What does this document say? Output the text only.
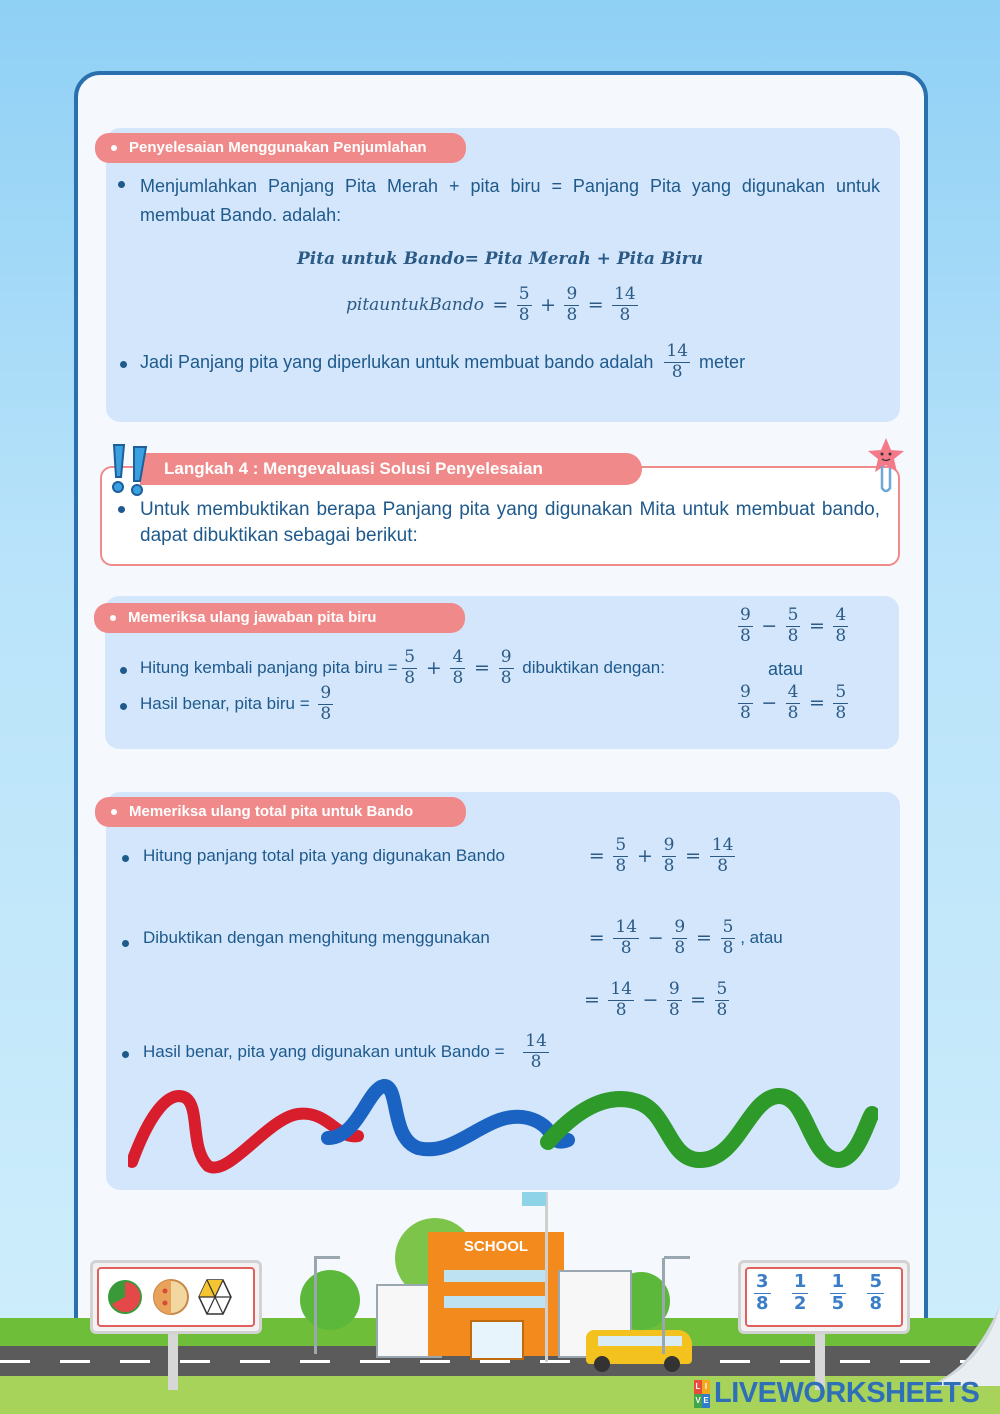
Penyelesaian Menggunakan Penjumlahan
Menjumlahkan Panjang Pita Merah + pita biru = Panjang Pita yang digunakan untuk membuat Bando. adalah:
Pita untuk Bando= Pita Merah + Pita Biru
pitauntukBando = $\frac{5}{8} + \frac{9}{8} = \frac{14}{8}$
Jadi Panjang pita yang diperlukan untuk membuat bando adalah $\frac{14}{8}$ meter
Langkah 4 : Mengevaluasi Solusi Penyelesaian
Untuk membuktikan berapa Panjang pita yang digunakan Mita untuk membuat bando, dapat dibuktikan sebagai berikut:
Memeriksa ulang jawaban pita biru
Hitung kembali panjang pita biru = $\frac{5}{8} + \frac{4}{8} = \frac{9}{8}$ dibuktikan dengan:
Hasil benar, pita biru = $\frac{9}{8}$
$\frac{9}{8} - \frac{5}{8} = \frac{4}{8}$
atau
$\frac{9}{8} - \frac{4}{8} = \frac{5}{8}$
Memeriksa ulang total pita untuk Bando
Hitung panjang total pita yang digunakan Bando	= $\frac{5}{8} + \frac{9}{8} = \frac{14}{8}$
Dibuktikan dengan menghitung menggunakan	= $\frac{14}{8} - \frac{9}{8} = \frac{5}{8}$ , atau
= $\frac{14}{8} - \frac{9}{8} = \frac{5}{8}$
Hasil benar, pita yang digunakan untuk Bando = $\frac{14}{8}$
SCHOOL
$\frac{3}{8} \frac{1}{2} \frac{1}{5} \frac{5}{8}$
L I
V E LIVEWORKSHEETS
